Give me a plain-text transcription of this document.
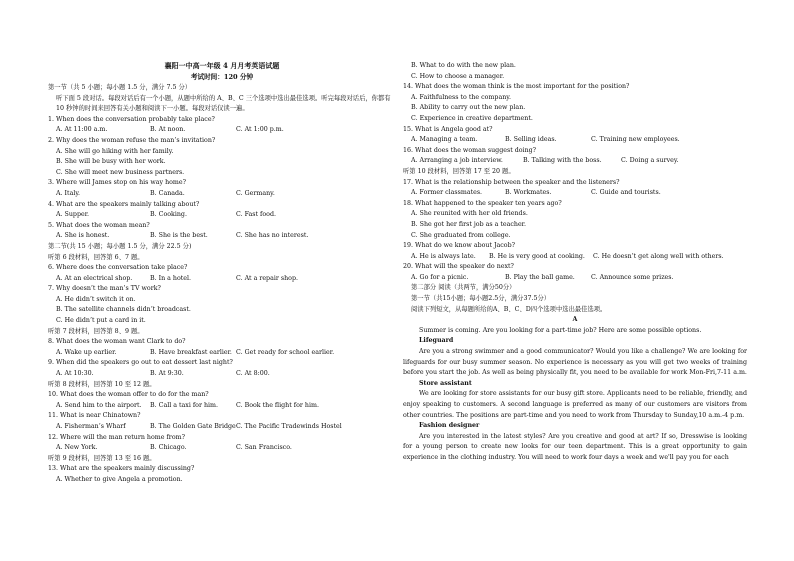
襄阳一中高一年级 4 月月考英语试题
考试时间：120 分钟
第一节（共 5 小题；每小题 1.5 分，满分 7.5 分）
听下面 5 段对话。每段对话后有一个小题，从题中所给的 A、B、C 三个选项中选出最佳选项。听完每段对话后，你都有 10 秒钟的时间来回答有关小题和阅读下一小题。每段对话仅读一遍。
1. When does the conversation probably take place?
A. At 11:00 a.m.	B. At noon.	C. At 1:00 p.m.
2. Why does the woman refuse the man’s invitation?
A. She will go hiking with her family.
B. She will be busy with her work.
C. She will meet new business partners.
3. Where will James stop on his way home?
A. Italy.	B. Canada.	C. Germany.
4. What are the speakers mainly talking about?
A. Supper.	B. Cooking.	C. Fast food.
5. What does the woman mean?
A. She is honest.	B. She is the best.	C. She has no interest.
第二节(共 15 小题；每小题 1.5 分，满分 22.5 分)
听第 6 段材料，回答第 6、7 题。
6. Where does the conversation take place?
A. At an electrical shop.	B. In a hotel.	C. At a repair shop.
7. Why doesn’t the man’s TV work?
A. He didn’t switch it on.
B. The satellite channels didn’t broadcast.
C. He didn’t put a card in it.
听第 7 段材料，回答第 8、9 题。
8. What does the woman want Clark to do?
A. Wake up earlier.	B. Have breakfast earlier. C. Get ready for school earlier.
9. When did the speakers go out to eat dessert last night?
A. At 10:30.	B. At 9:30.	C. At 8:00.
听第 8 段材料，回答第 10 至 12 题。
10. What does the woman offer to do for the man?
A. Send him to the airport.	B. Call a taxi for him.	C. Book the flight for him.
11. What is near Chinatown?
A. Fisherman’s Wharf	B. The Golden Gate Bridge C. The Pacific Tradewinds Hostel
12. Where will the man return home from?
A. New York.	B. Chicago.	C. San Francisco.
听第 9 段材料，回答第 13 至 16 题。
13. What are the speakers mainly discussing?
A. Whether to give Angela a promotion.
B. What to do with the new plan.
C. How to choose a manager.
14. What does the woman think is the most important for the position?
A. Faithfulness to the company.
B. Ability to carry out the new plan.
C. Experience in creative department.
15. What is Angela good at?
A. Managing a team.	B. Selling ideas.	C. Training new employees.
16. What does the woman suggest doing?
A. Arranging a job interview.	B. Talking with the boss.	C. Doing a survey.
听第 10 段材料，回答第 17 至 20 题。
17. What is the relationship between the speaker and the listeners?
A. Former classmates.	B. Workmates.	C. Guide and tourists.
18. What happened to the speaker ten years ago?
A. She reunited with her old friends.
B. She got her first job as a teacher.
C. She graduated from college.
19. What do we know about Jacob?
A. He is always late.	B. He is very good at cooking.	C. He doesn’t get along well with others.
20. What will the speaker do next?
A. Go for a picnic.	B. Play the ball game.	C. Announce some prizes.
第二部分 阅读（共两节，满分50分）
第一节（共15小题；每小题2.5分，满分37.5分）
阅读下列短文，从每题所给的A、B、C、D四个选项中选出最佳选项。
A
Summer is coming. Are you looking for a part-time job? Here are some possible options.
Lifeguard
Are you a strong swimmer and a good communicator? Would you like a challenge? We are looking for lifeguards for our busy summer season. No experience is necessary as you will get two weeks of training before you start the job. As well as being physically fit, you need to be available for work Mon-Fri,7-11 a.m.
Store assistant
We are looking for store assistants for our busy gift store. Applicants need to be reliable, friendly, and enjoy speaking to customers. A second language is preferred as many of our customers are visitors from other countries. The positions are part-time and you need to work from Thursday to Sunday,10 a.m.-4 p.m.
Fashion designer
Are you interested in the latest styles? Are you creative and good at art? If so, Dresswise is looking for a young person to create new looks for our teen department. This is a great opportunity to gain experience in the clothing industry. You will need to work four days a week and we'll pay you for each
